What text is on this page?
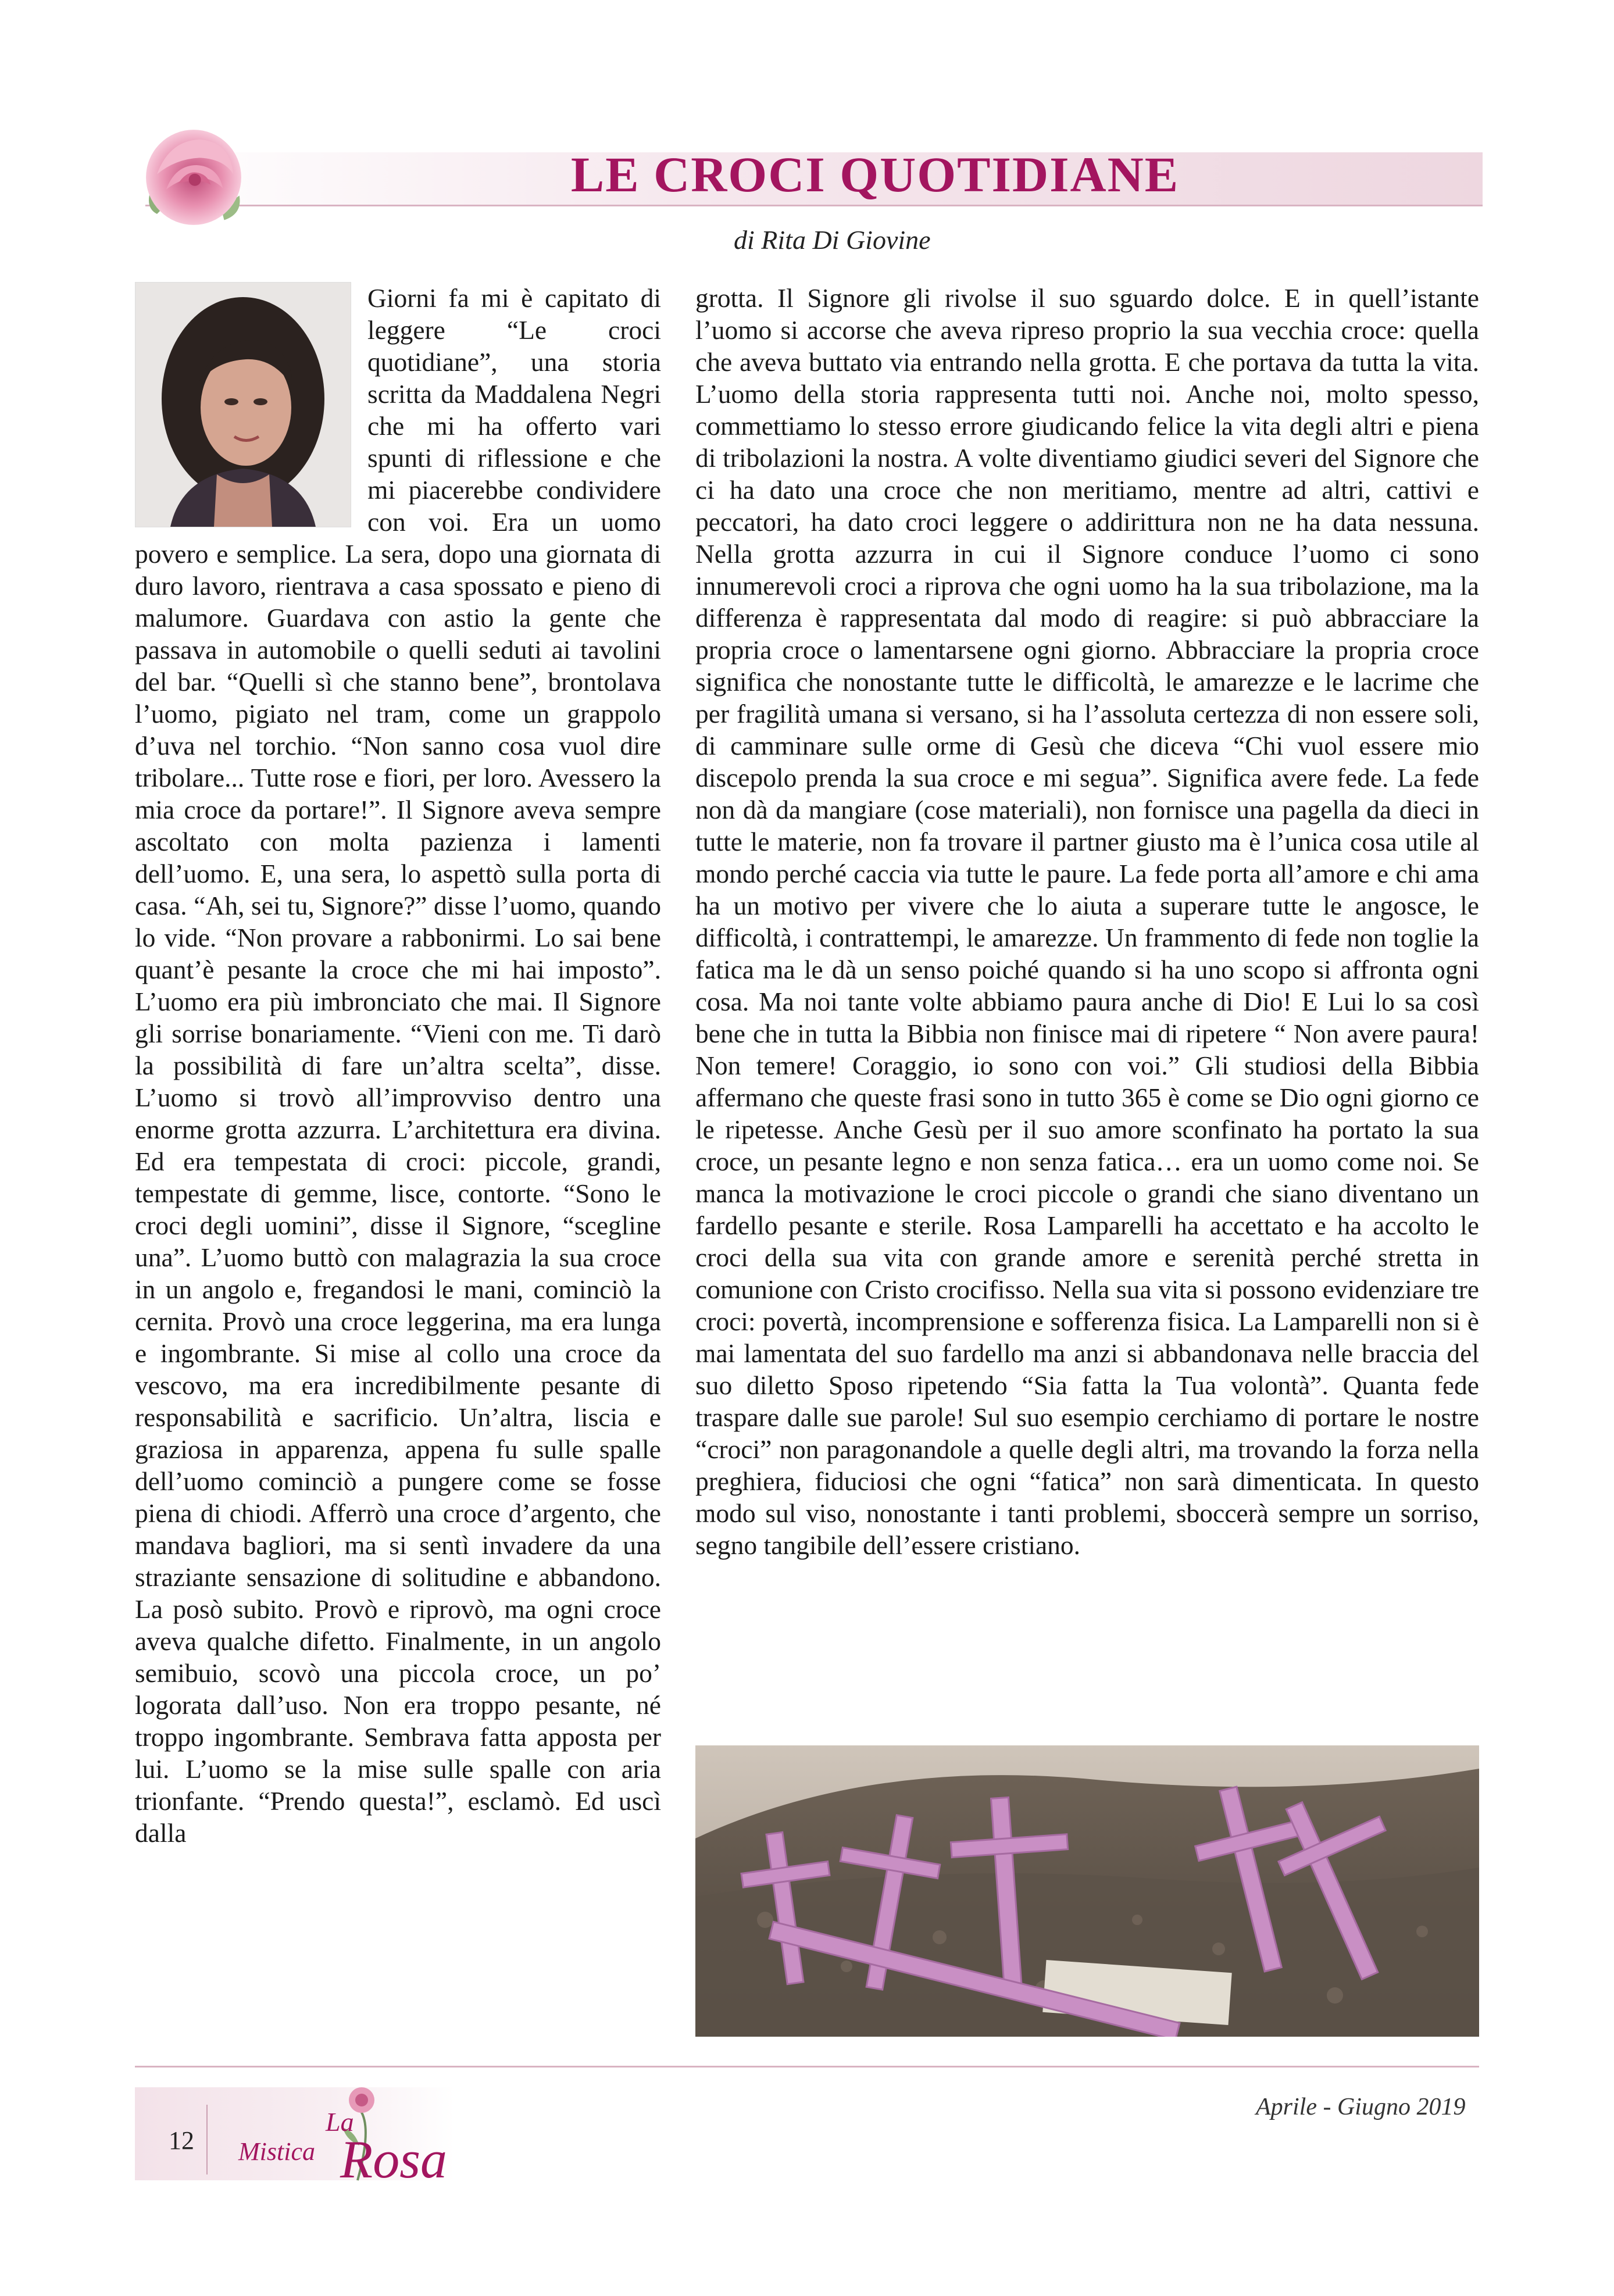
LE CROCI QUOTIDIANE
di Rita Di Giovine

Giorni fa mi è capitato di leggere “Le croci quotidiane”, una storia scritta da Maddalena Negri che mi ha offerto vari spunti di riflessione e che mi piacerebbe condividere con voi. Era un uomo povero e semplice. La sera, dopo una giornata di duro lavoro, rientrava a casa spossato e pieno di malumore. Guardava con astio la gente che passava in automobile o quelli seduti ai tavolini del bar. “Quelli sì che stanno bene”, brontolava l’uomo, pigiato nel tram, come un grappolo d’uva nel torchio. “Non sanno cosa vuol dire tribolare... Tutte rose e fiori, per loro. Avessero la mia croce da portare!”. Il Signore aveva sempre ascoltato con molta pazienza i lamenti dell’uomo. E, una sera, lo aspettò sulla porta di casa. “Ah, sei tu, Signore?” disse l’uomo, quando lo vide. “Non provare a rabbonirmi. Lo sai bene quant’è pesante la croce che mi hai imposto”. L’uomo era più imbronciato che mai. Il Signore gli sorrise bonariamente. “Vieni con me. Ti darò la possibilità di fare un’altra scelta”, disse. L’uomo si trovò all’improvviso dentro una enorme grotta azzurra. L’architettura era divina. Ed era tempestata di croci: piccole, grandi, tempestate di gemme, lisce, contorte. “Sono le croci degli uomini”, disse il Signore, “scegline una”. L’uomo buttò con malagrazia la sua croce in un angolo e, fregandosi le mani, cominciò la cernita. Provò una croce leggerina, ma era lunga e ingombrante. Si mise al collo una croce da vescovo, ma era incredibilmente pesante di responsabilità e sacrificio. Un’altra, liscia e graziosa in apparenza, appena fu sulle spalle dell’uomo cominciò a pungere come se fosse piena di chiodi. Afferrò una croce d’argento, che mandava bagliori, ma si sentì invadere da una straziante sensazione di solitudine e abbandono. La posò subito. Provò e riprovò, ma ogni croce aveva qualche difetto. Finalmente, in un angolo semibuio, scovò una piccola croce, un po’ logorata dall’uso. Non era troppo pesante, né troppo ingombrante. Sembrava fatta apposta per lui. L’uomo se la mise sulle spalle con aria trionfante. “Prendo questa!”, esclamò. Ed uscì dalla

grotta. Il Signore gli rivolse il suo sguardo dolce. E in quell’istante l’uomo si accorse che aveva ripreso proprio la sua vecchia croce: quella che aveva buttato via entrando nella grotta. E che portava da tutta la vita. L’uomo della storia rappresenta tutti noi. Anche noi, molto spesso, commettiamo lo stesso errore giudicando felice la vita degli altri e piena di tribolazioni la nostra. A volte diventiamo giudici severi del Signore che ci ha dato una croce che non meritiamo, mentre ad altri, cattivi e peccatori, ha dato croci leggere o addirittura non ne ha data nessuna. Nella grotta azzurra in cui il Signore conduce l’uomo ci sono innumerevoli croci a riprova che ogni uomo ha la sua tribolazione, ma la differenza è rappresentata dal modo di reagire: si può abbracciare la propria croce o lamentarsene ogni giorno. Abbracciare la propria croce significa che nonostante tutte le difficoltà, le amarezze e le lacrime che per fragilità umana si versano, si ha l’assoluta certezza di non essere soli, di camminare sulle orme di Gesù che diceva “Chi vuol essere mio discepolo prenda la sua croce e mi segua”. Significa avere fede. La fede non dà da mangiare (cose materiali), non fornisce una pagella da dieci in tutte le materie, non fa trovare il partner giusto ma è l’unica cosa utile al mondo perché caccia via tutte le paure. La fede porta all’amore e chi ama ha un motivo per vivere che lo aiuta a superare tutte le angosce, le difficoltà, i contrattempi, le amarezze. Un frammento di fede non toglie la fatica ma le dà un senso poiché quando si ha uno scopo si affronta ogni cosa. Ma noi tante volte abbiamo paura anche di Dio! E Lui lo sa così bene che in tutta la Bibbia non finisce mai di ripetere “ Non avere paura! Non temere! Coraggio, io sono con voi.” Gli studiosi della Bibbia affermano che queste frasi sono in tutto 365 è come se Dio ogni giorno ce le ripetesse. Anche Gesù per il suo amore sconfinato ha portato la sua croce, un pesante legno e non senza fatica… era un uomo come noi. Se manca la motivazione le croci piccole o grandi che siano diventano un fardello pesante e sterile. Rosa Lamparelli ha accettato e ha accolto le croci della sua vita con grande amore e serenità perché stretta in comunione con Cristo crocifisso. Nella sua vita si possono evidenziare tre croci: povertà, incomprensione e sofferenza fisica. La Lamparelli non si è mai lamentata del suo fardello ma anzi si abbandonava nelle braccia del suo diletto Sposo ripetendo “Sia fatta la Tua volontà”. Quanta fede traspare dalle sue parole! Sul suo esempio cerchiamo di portare le nostre “croci” non paragonandole a quelle degli altri, ma trovando la forza nella preghiera, fiduciosi che ogni “fatica” non sarà dimenticata. In questo modo sul viso, nonostante i tanti problemi, sboccerà sempre un sorriso, segno tangibile dell’essere cristiano.

12
La
Mistica Rosa
Aprile - Giugno 2019
